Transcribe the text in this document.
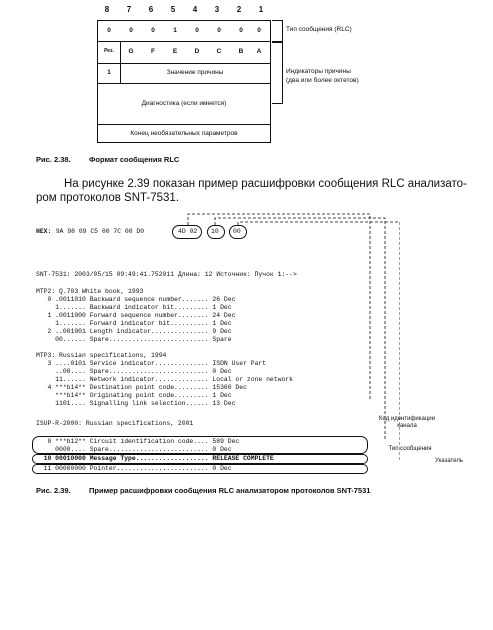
8	7	6	5	4	3	2	1
0	0	0	1	0	0	0	0
Рез.	G	F	E	D	C	B	A
1	Значение причины
Диагностика (если имеется)
Конец необязательных параметров
Тип сообщения (RLC)
Индикаторы причины
(два или более октетов)
Рис. 2.38. Формат сообщения RLC
На рисунке 2.39 показан пример расшифровки сообщения RLC анализато-
ром протоколов SNT-7531.
HEX: 9A 98 09 C5 00 7C 00 D0	4D 02 10 00
SNT-7531: 2003/05/15 09:49:41.752011 Длина: 12 Источник: Пучок 1:-->
MTP2: Q.703 White book, 1993
0 .0011010 Backward sequence number....... 26 Dec
1....... Backward indicator bit......... 1 Dec
1 .0011000 Forward sequence number........ 24 Dec
1....... Forward indicator bit.......... 1 Dec
2 ..001001 Length indicator............... 9 Dec
00...... Spare.......................... Spare
MTP3: Russian specifications, 1994
3 ....0101 Service indicator.............. ISDN User Part
..00.... Spare.......................... 0 Dec
11...... Network indicator.............. Local or zone network
4 ***b14** Destination point code......... 15360 Dec
***b14** Originating point code......... 1 Dec
1101.... Signalling link selection...... 13 Dec
ISUP-R-2000: Russian specifications, 2001
8 ***b12** Circuit identification code.... 589 Dec
0000.... Spare.......................... 0 Dec
10 00010000 Message Type................... RELEASE COMPLETE
11 00000000 Pointer........................ 0 Dec
Код идентификации
канала
Тип сообщения
Указатель
Рис. 2.39. Пример расшифровки сообщения RLC анализатором протоколов SNT-7531
